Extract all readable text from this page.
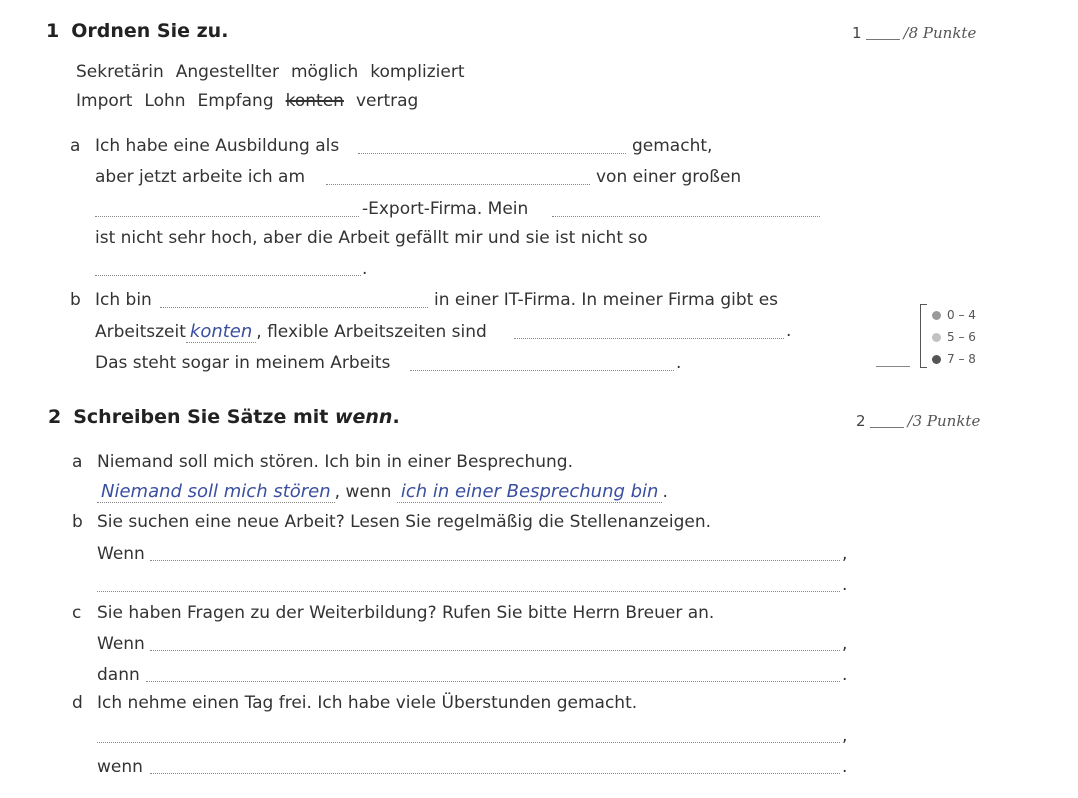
1 Ordnen Sie zu.	1	/8 Punkte
Sekretärin Angestellter möglich kompliziert
Import Lohn Empfang konten vertrag
a Ich habe eine Ausbildung als	gemacht,
aber jetzt arbeite ich am	von einer großen
-Export-Firma. Mein
ist nicht sehr hoch, aber die Arbeit gefällt mir und sie ist nicht so
.
b Ich bin	in einer IT-Firma. In meiner Firma gibt es
Arbeitszeit konten , flexible Arbeitszeiten sind	.
Das steht sogar in meinem Arbeits	.
0 – 4
5 – 6
7 – 8
2 Schreiben Sie Sätze mit wenn.	2	/3 Punkte
a Niemand soll mich stören. Ich bin in einer Besprechung.
Niemand soll mich stören , wenn ich in einer Besprechung bin .
b Sie suchen eine neue Arbeit? Lesen Sie regelmäßig die Stellenanzeigen.
Wenn	,
.
c Sie haben Fragen zu der Weiterbildung? Rufen Sie bitte Herrn Breuer an.
Wenn	,
dann	.
d Ich nehme einen Tag frei. Ich habe viele Überstunden gemacht.
,
wenn	.
